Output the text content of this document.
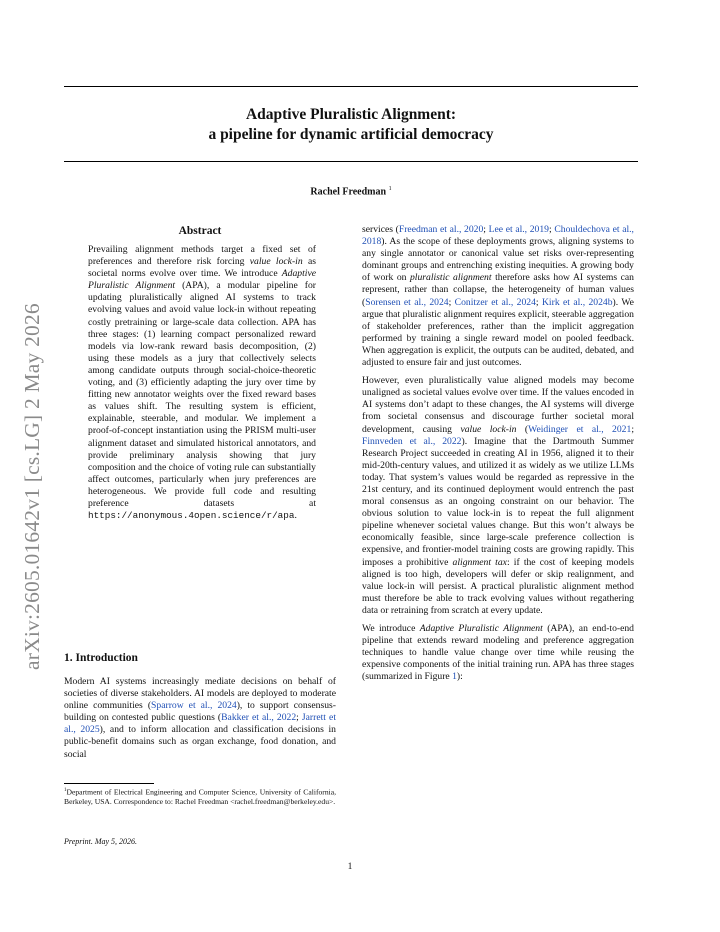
Adaptive Pluralistic Alignment:
a pipeline for dynamic artificial democracy

Rachel Freedman $^1$

arXiv:2605.01642v1 [cs.LG] 2 May 2026
Abstract

Prevailing alignment methods target a fixed set of preferences and therefore risk forcing value lock-in as societal norms evolve over time. We introduce Adaptive Pluralistic Alignment (APA), a modular pipeline for updating pluralistically aligned AI systems to track evolving values and avoid value lock-in without repeating costly pretraining or large-scale data collection. APA has three stages: (1) learning compact personalized reward models via low-rank reward basis decomposition, (2) using these models as a jury that collectively selects among candidate outputs through social-choice-theoretic voting, and (3) efficiently adapting the jury over time by fitting new annotator weights over the fixed reward bases as values shift. The resulting system is efficient, explainable, steerable, and modular. We implement a proof-of-concept instantiation using the PRISM multi-user alignment dataset and simulated historical annotators, and provide preliminary analysis showing that jury composition and the choice of voting rule can substantially affect outcomes, particularly when jury preferences are heterogeneous. We provide full code and resulting preference datasets at https://anonymous.4open.science/r/apa.

1. Introduction

Modern AI systems increasingly mediate decisions on behalf of societies of diverse stakeholders. AI models are deployed to moderate online communities (Sparrow et al., 2024), to support consensus-building on contested public questions (Bakker et al., 2022; Jarrett et al., 2025), and to inform allocation and classification decisions in public-benefit domains such as organ exchange, food donation, and social

$^1$Department of Electrical Engineering and Computer Science, University of California, Berkeley, USA. Correspondence to: Rachel Freedman <rachel.freedman@berkeley.edu>.

Preprint. May 5, 2026.

services (Freedman et al., 2020; Lee et al., 2019; Chouldechova et al., 2018). As the scope of these deployments grows, aligning systems to any single annotator or canonical value set risks over-representing dominant groups and entrenching existing inequities. A growing body of work on pluralistic alignment therefore asks how AI systems can represent, rather than collapse, the heterogeneity of human values (Sorensen et al., 2024; Conitzer et al., 2024; Kirk et al., 2024b). We argue that pluralistic alignment requires explicit, steerable aggregation of stakeholder preferences, rather than the implicit aggregation performed by training a single reward model on pooled feedback. When aggregation is explicit, the outputs can be audited, debated, and adjusted to ensure fair and just outcomes.

However, even pluralistically value aligned models may become unaligned as societal values evolve over time. If the values encoded in AI systems don’t adapt to these changes, the AI systems will diverge from societal consensus and discourage further societal moral development, causing value lock-in (Weidinger et al., 2021; Finnveden et al., 2022). Imagine that the Dartmouth Summer Research Project succeeded in creating AI in 1956, aligned it to their mid-20th-century values, and utilized it as widely as we utilize LLMs today. That system’s values would be regarded as repressive in the 21st century, and its continued deployment would entrench the past moral consensus as an ongoing constraint on our behavior. The obvious solution to value lock-in is to repeat the full alignment pipeline whenever societal values change. But this won’t always be economically feasible, since large-scale preference collection is expensive, and frontier-model training costs are growing rapidly. This imposes a prohibitive alignment tax: if the cost of keeping models aligned is too high, developers will defer or skip realignment, and value lock-in will persist. A practical pluralistic alignment method must therefore be able to track evolving values without regathering data or retraining from scratch at every update.

We introduce Adaptive Pluralistic Alignment (APA), an end-to-end pipeline that extends reward modeling and preference aggregation techniques to handle value change over time while reusing the expensive components of the initial training run. APA has three stages (summarized in Figure 1):

1
